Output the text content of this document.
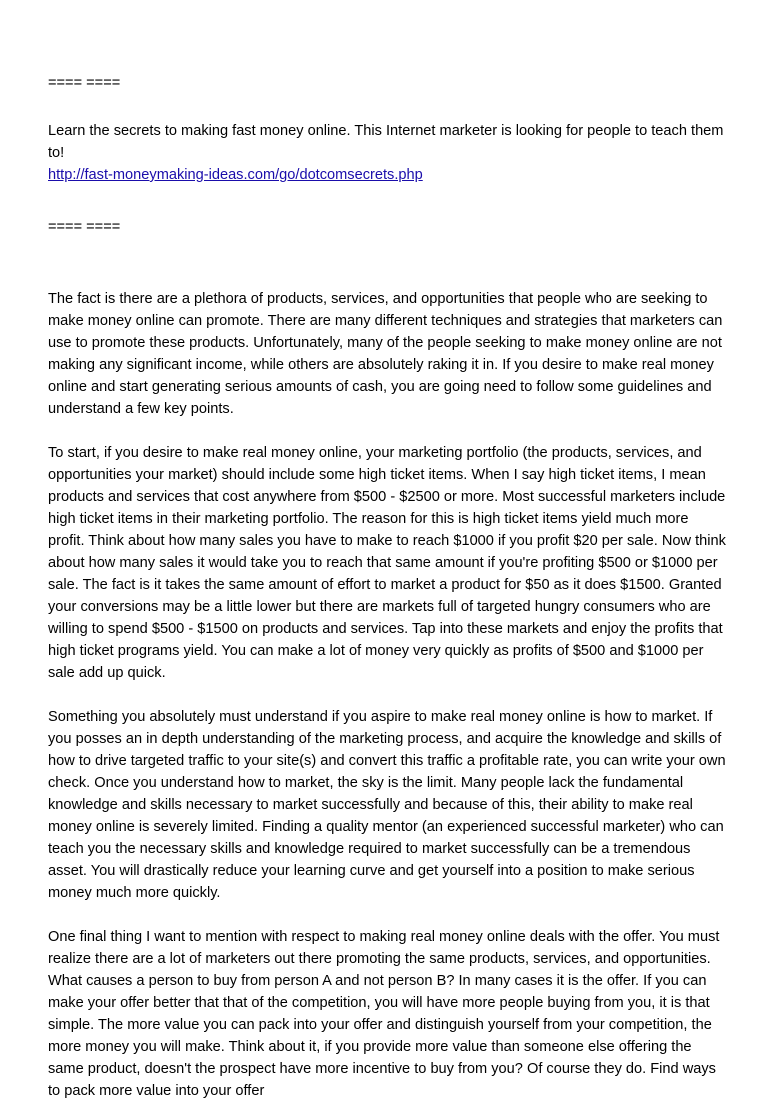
==== ====

Learn the secrets to making fast money online. This Internet marketer is looking for people to teach them to!

http://fast-moneymaking-ideas.com/go/dotcomsecrets.php
==== ====

The fact is there are a plethora of products, services, and opportunities that people who are seeking to make money online can promote. There are many different techniques and strategies that marketers can use to promote these products. Unfortunately, many of the people seeking to make money online are not making any significant income, while others are absolutely raking it in. If you desire to make real money online and start generating serious amounts of cash, you are going need to follow some guidelines and understand a few key points.

To start, if you desire to make real money online, your marketing portfolio (the products, services, and opportunities your market) should include some high ticket items. When I say high ticket items, I mean products and services that cost anywhere from $500 - $2500 or more. Most successful marketers include high ticket items in their marketing portfolio. The reason for this is high ticket items yield much more profit. Think about how many sales you have to make to reach $1000 if you profit $20 per sale. Now think about how many sales it would take you to reach that same amount if you're profiting $500 or $1000 per sale. The fact is it takes the same amount of effort to market a product for $50 as it does $1500. Granted your conversions may be a little lower but there are markets full of targeted hungry consumers who are willing to spend $500 - $1500 on products and services. Tap into these markets and enjoy the profits that high ticket programs yield. You can make a lot of money very quickly as profits of $500 and $1000 per sale add up quick.

Something you absolutely must understand if you aspire to make real money online is how to market. If you posses an in depth understanding of the marketing process, and acquire the knowledge and skills of how to drive targeted traffic to your site(s) and convert this traffic a profitable rate, you can write your own check. Once you understand how to market, the sky is the limit. Many people lack the fundamental knowledge and skills necessary to market successfully and because of this, their ability to make real money online is severely limited. Finding a quality mentor (an experienced successful marketer) who can teach you the necessary skills and knowledge required to market successfully can be a tremendous asset. You will drastically reduce your learning curve and get yourself into a position to make serious money much more quickly.

One final thing I want to mention with respect to making real money online deals with the offer. You must realize there are a lot of marketers out there promoting the same products, services, and opportunities. What causes a person to buy from person A and not person B? In many cases it is the offer. If you can make your offer better that that of the competition, you will have more people buying from you, it is that simple. The more value you can pack into your offer and distinguish yourself from your competition, the more money you will make. Think about it, if you provide more value than someone else offering the same product, doesn't the prospect have more incentive to buy from you? Of course they do. Find ways to pack more value into your offer
